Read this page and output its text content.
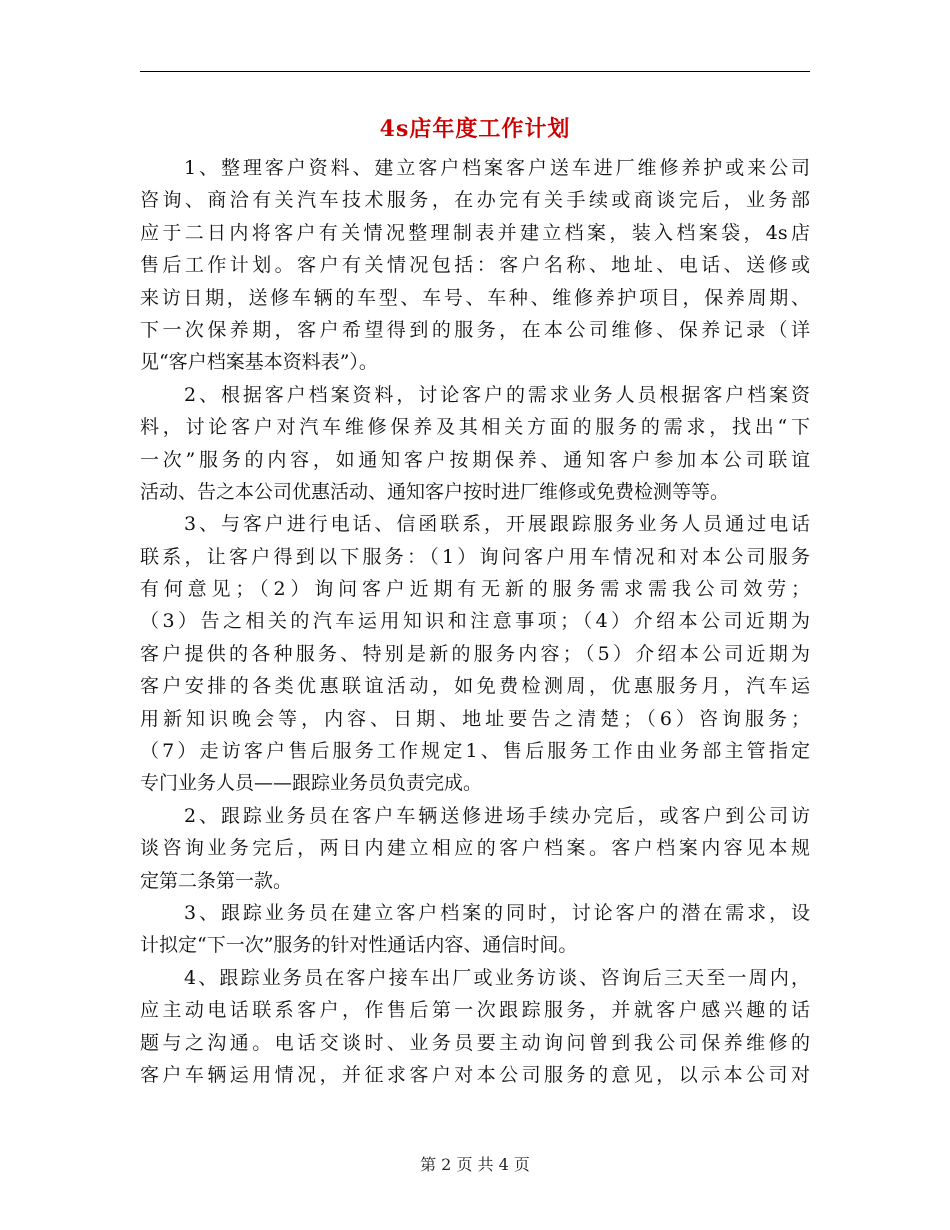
4s店年度工作计划
1、整理客户资料、建立客户档案客户送车进厂维修养护或来公司
咨询、商洽有关汽车技术服务，在办完有关手续或商谈完后，业务部
应于二日内将客户有关情况整理制表并建立档案，装入档案袋，4s店
售后工作计划。客户有关情况包括：客户名称、地址、电话、送修或
来访日期，送修车辆的车型、车号、车种、维修养护项目，保养周期、
下一次保养期，客户希望得到的服务，在本公司维修、保养记录（详
见“客户档案基本资料表”）。
2、根据客户档案资料，讨论客户的需求业务人员根据客户档案资
料，讨论客户对汽车维修保养及其相关方面的服务的需求，找出“下
一次”服务的内容，如通知客户按期保养、通知客户参加本公司联谊
活动、告之本公司优惠活动、通知客户按时进厂维修或免费检测等等。
3、与客户进行电话、信函联系，开展跟踪服务业务人员通过电话
联系，让客户得到以下服务：（1）询问客户用车情况和对本公司服务
有何意见；（2）询问客户近期有无新的服务需求需我公司效劳；
（3）告之相关的汽车运用知识和注意事项；（4）介绍本公司近期为
客户提供的各种服务、特别是新的服务内容；（5）介绍本公司近期为
客户安排的各类优惠联谊活动，如免费检测周，优惠服务月，汽车运
用新知识晚会等，内容、日期、地址要告之清楚；（6）咨询服务；
（7）走访客户售后服务工作规定1、售后服务工作由业务部主管指定
专门业务人员——跟踪业务员负责完成。
2、跟踪业务员在客户车辆送修进场手续办完后，或客户到公司访
谈咨询业务完后，两日内建立相应的客户档案。客户档案内容见本规
定第二条第一款。
3、跟踪业务员在建立客户档案的同时，讨论客户的潜在需求，设
计拟定“下一次”服务的针对性通话内容、通信时间。
4、跟踪业务员在客户接车出厂或业务访谈、咨询后三天至一周内，
应主动电话联系客户，作售后第一次跟踪服务，并就客户感兴趣的话
题与之沟通。电话交谈时、业务员要主动询问曾到我公司保养维修的
客户车辆运用情况，并征求客户对本公司服务的意见，以示本公司对

第 2 页 共 4 页
